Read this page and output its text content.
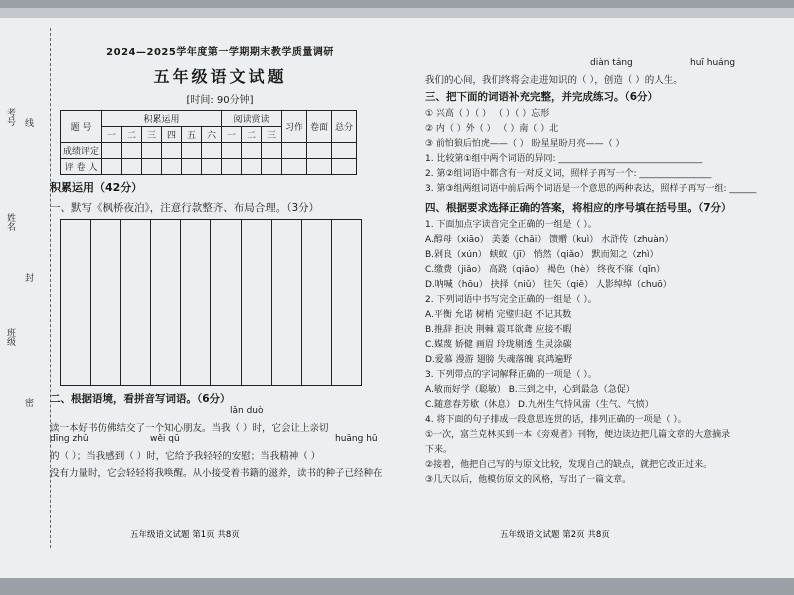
考号 线
姓名
封
班级
密
2024—2025学年度第一学期期末教学质量调研
五年级语文试题
[时间: 90分钟]
题 号	积累运用						阅读赏读			习作	卷面	总分
	一	二	三	四	五	六	一	二	三			
成绩评定												
评 卷 人												
积累运用（42分）
一、默写《枫桥夜泊》，注意行款整齐、布局合理。（3分）
二、根据语境，看拼音写词语。（6分）
lǎn duò
读一本好书仿佛结交了一个知心朋友。当我（ ）时，它会让上亲切
dīng zhǔ	wěi qū	huāng hū
的（ ）；当我感到（ ）时，它给予我轻轻的安慰；当我精神（ ）
没有力量时，它会轻轻将我唤醒。从小接受着书籍的滋养，读书的种子已经种在
五年级语文试题 第1页 共8页
diàn táng	huī huáng
我们的心间，我们终将会走进知识的（ ），创造（ ）的人生。
三、把下面的词语补充完整，并完成练习。（6分）
① 兴高（ ）（ ） （ ）（ ）忘形
② 内（ ）外（ ） （ ）南（ ）北
③ 前怕狼后怕虎——（ ） 盼星星盼月亮——（ ）
1. 比较第①组中两个词语的异同: ________________________________
2. 第②组词语中都含有一对反义词，照样子再写一个: ________________
3. 第③组两组词语中前后两个词语是一个意思的两种表达，照样子再写一组: ______
四、根据要求选择正确的答案，将相应的序号填在括号里。（7分）
1. 下面加点字读音完全正确的一组是（ ）。
A.醇母（xiāo） 美萎（chāi） 馈赠（kuì） 水浒传（zhuàn）
B.剁良（xún） 蛱蚁（jī） 悄然（qiǎo） 默而知之（zhì）
C.缴费（jiǎo） 高跷（qiāo） 褐色（hè） 终夜不寐（qǐn）
D.呐喊（hōu） 抉择（niǔ） 往矢（qiē） 人影绰绰（chuō）
2. 下列词语中书写完全正确的一组是（ ）。
A.平衡 允诺 树梢 完璧归赵 不记其数
B.推辞 拒决 荆棘 震耳欲聋 应接不暇
C.媒蔑 娇健 画眉 玲珑剔透 生灵涂碳
D.爱慕 漫游 翅膀 失魂落魄 哀鸿遍野
3. 下列带点的字词解释正确的一项是（ ）。
A.敏而好学（聪敏） B.三到之中，心到最急（急促）
C.随意春芳歇（休息） D.九州生气恃风雷（生气、气愤）
4. 将下面的句子排成一段意思连贯的话，排列正确的一项是（ ）。
①一次，富兰克林买到一本《旁观者》刊物，便边读边把几篇文章的大意摘录
下来。
②接着，他把自己写的与原文比较，发现自己的缺点，就把它改正过来。
③几天以后，他模仿原文的风格，写出了一篇文章。
五年级语文试题 第2页 共8页
